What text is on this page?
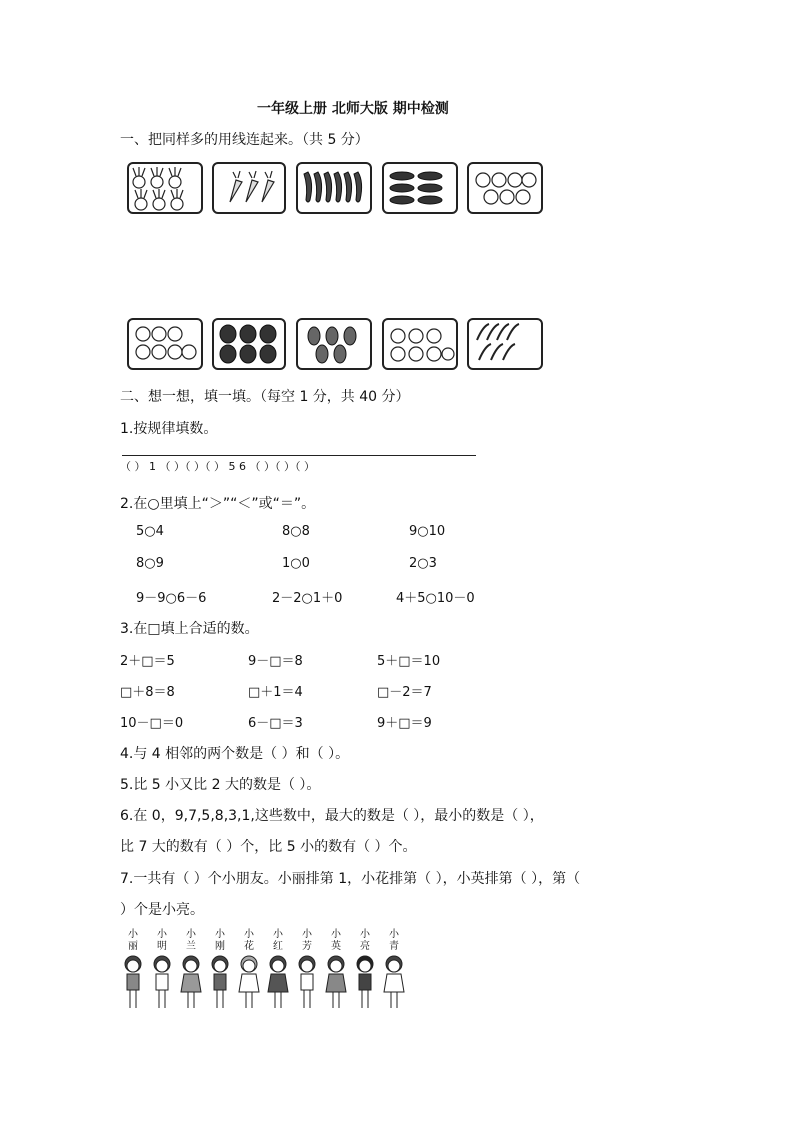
一年级上册 北师大版 期中检测
一、把同样多的用线连起来。（共 5 分）
二、想一想，填一填。（每空 1 分，共 40 分）
1.按规律填数。
（ ） 1 （ ）（ ）（ ） 5 6 （ ）（ ）（ ）
2.在○里填上“＞”“＜”或“＝”。
5○4	8○8	9○10
8○9	1○0	2○3
9－9○6－6	2－2○1＋0	4＋5○10－0
3.在□填上合适的数。
2＋□＝5	9－□＝8	5＋□＝10
□＋8＝8	□＋1＝4	□－2＝7
10－□＝0	6－□＝3	9＋□＝9
4.与 4 相邻的两个数是（ ）和（ ）。
5.比 5 小又比 2 大的数是（ ）。
6.在 0，9,7,5,8,3,1,这些数中，最大的数是（ ），最小的数是（ ），
比 7 大的数有（ ）个，比 5 小的数有（ ）个。
7.一共有（ ）个小朋友。小丽排第 1，小花排第（ ），小英排第（ ），第（
）个是小亮。
小
丽
小
明
小
兰
小
刚
小
花
小
红
小
芳
小
英
小
亮
小
青
